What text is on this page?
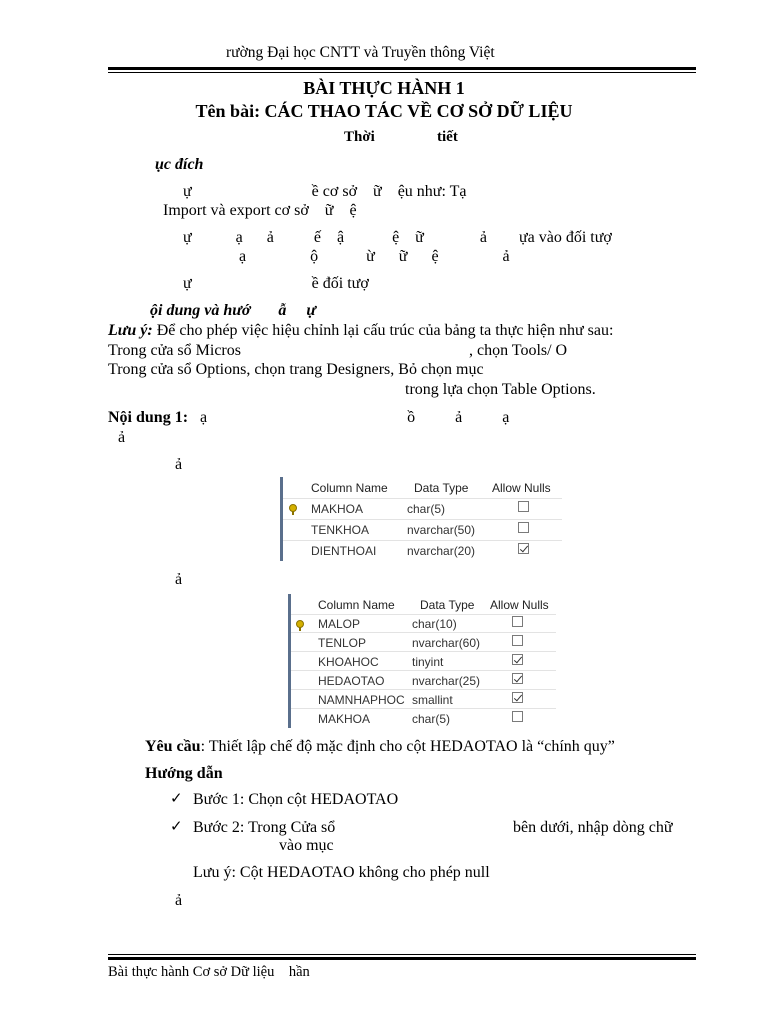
rường Đại học CNTT và Truyền thông Việt
BÀI THỰC HÀNH 1
Tên bài: CÁC THAO TÁC VỀ CƠ SỞ DỮ LIỆU
Thời	tiết
ục đích
ự                              ề cơ sở    ữ    ệu như: Tạ
Import và export cơ sở    ữ    ệ
ự           ạ      ả          ế    ậ            ệ    ữ              ả        ựa vào đối tượ
ạ                ộ            ừ      ữ      ệ                ả
ự                              ề đối tượ
ội dung và hướ       ẫ     ự
Lưu ý: Để cho phép việc hiệu chỉnh lại cấu trúc của bảng ta thực hiện như sau:
Trong cửa sổ Micros                                                         , chọn Tools/ O
Trong cửa sổ Options, chọn trang Designers, Bỏ chọn mục
trong lựa chọn Table Options.
Nội dung 1:   ạ                                                  ồ          ả          ạ
ả
ả
Column Name Data Type Allow Nulls
MAKHOA	char(5)
TENKHOA	nvarchar(50)
DIENTHOAI	nvarchar(20)
ả
Column Name Data Type Allow Nulls
MALOP	char(10)
TENLOP	nvarchar(60)
KHOAHOC	tinyint
HEDAOTAO nvarchar(25)
NAMNHAPHOC smallint
MAKHOA	char(5)
Yêu cầu: Thiết lập chế độ mặc định cho cột HEDAOTAO là “chính quy”
Hướng dẫn
✓ Bước 1: Chọn cột HEDAOTAO
✓ Bước 2: Trong Cửa sổ	bên dưới, nhập dòng chữ
vào mục
Lưu ý: Cột HEDAOTAO không cho phép null
ả
Bài thực hành Cơ sở Dữ liệu    hần
